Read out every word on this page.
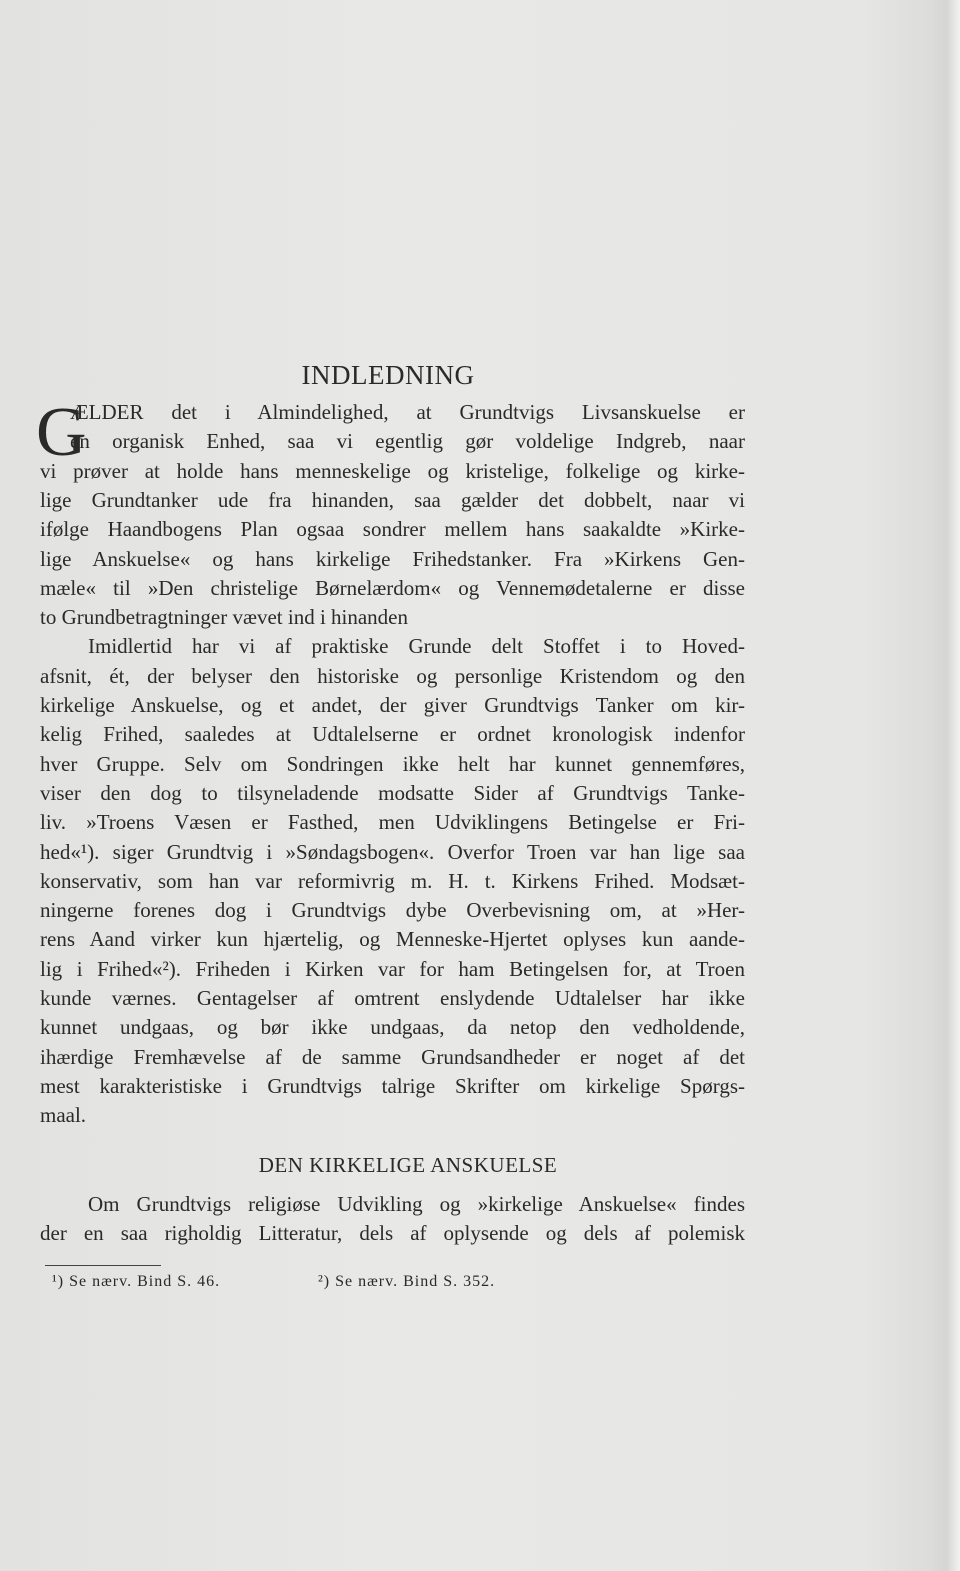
INDLEDNING
G
ÆLDER det i Almindelighed, at Grundtvigs Livsanskuelse er
en organisk Enhed, saa vi egentlig gør voldelige Indgreb, naar
vi prøver at holde hans menneskelige og kristelige, folkelige og kirke-
lige Grundtanker ude fra hinanden, saa gælder det dobbelt, naar vi
ifølge Haandbogens Plan ogsaa sondrer mellem hans saakaldte »Kirke-
lige Anskuelse« og hans kirkelige Frihedstanker. Fra »Kirkens Gen-
mæle« til »Den christelige Børnelærdom« og Vennemødetalerne er disse
to Grundbetragtninger vævet ind i hinanden
Imidlertid har vi af praktiske Grunde delt Stoffet i to Hoved-
afsnit, ét, der belyser den historiske og personlige Kristendom og den
kirkelige Anskuelse, og et andet, der giver Grundtvigs Tanker om kir-
kelig Frihed, saaledes at Udtalelserne er ordnet kronologisk indenfor
hver Gruppe. Selv om Sondringen ikke helt har kunnet gennemføres,
viser den dog to tilsyneladende modsatte Sider af Grundtvigs Tanke-
liv. »Troens Væsen er Fasthed, men Udviklingens Betingelse er Fri-
hed«¹). siger Grundtvig i »Søndagsbogen«. Overfor Troen var han lige saa
konservativ, som han var reformivrig m. H. t. Kirkens Frihed. Modsæt-
ningerne forenes dog i Grundtvigs dybe Overbevisning om, at »Her-
rens Aand virker kun hjærtelig, og Menneske-Hjertet oplyses kun aande-
lig i Frihed«²). Friheden i Kirken var for ham Betingelsen for, at Troen
kunde værnes. Gentagelser af omtrent enslydende Udtalelser har ikke
kunnet undgaas, og bør ikke undgaas, da netop den vedholdende,
ihærdige Fremhævelse af de samme Grundsandheder er noget af det
mest karakteristiske i Grundtvigs talrige Skrifter om kirkelige Spørgs-
maal.
DEN KIRKELIGE ANSKUELSE
Om Grundtvigs religiøse Udvikling og »kirkelige Anskuelse« findes
der en saa righoldig Litteratur, dels af oplysende og dels af polemisk
¹) Se nærv. Bind S. 46.	²) Se nærv. Bind S. 352.
